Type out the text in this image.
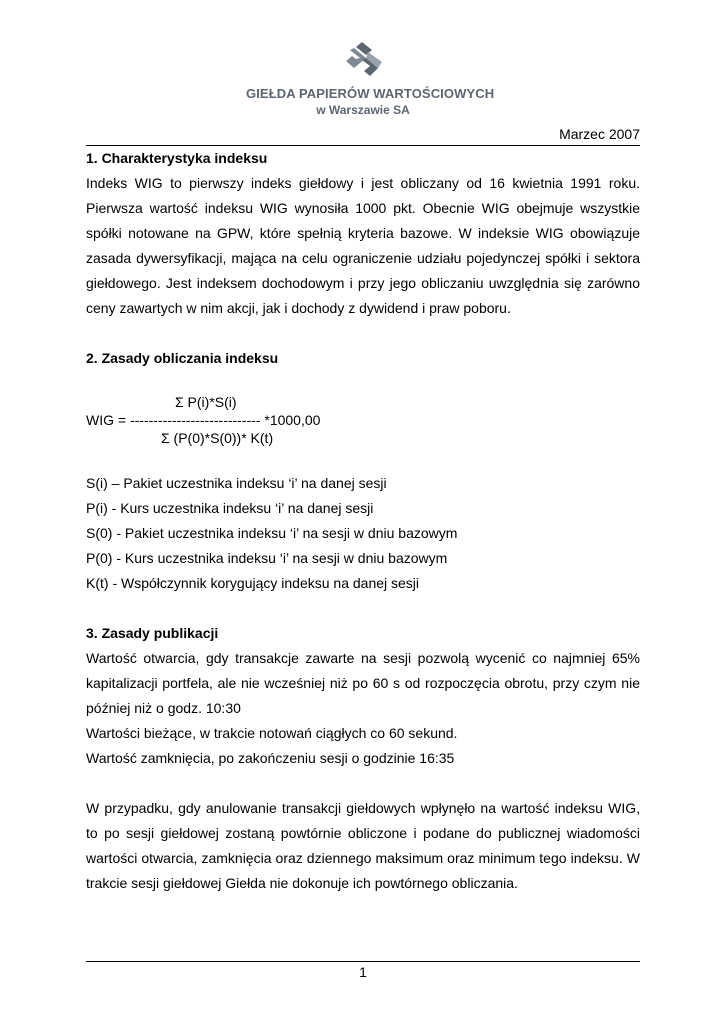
GIEŁDA PAPIERÓW WARTOŚCIOWYCH
w Warszawie SA
Marzec 2007

1. Charakterystyka indeksu

Indeks WIG to pierwszy indeks giełdowy i jest obliczany od 16 kwietnia 1991 roku. Pierwsza wartość indeksu WIG wynosiła 1000 pkt. Obecnie WIG obejmuje wszystkie spółki notowane na GPW, które spełnią kryteria bazowe. W indeksie WIG obowiązuje zasada dywersyfikacji, mająca na celu ograniczenie udziału pojedynczej spółki i sektora giełdowego. Jest indeksem dochodowym i przy jego obliczaniu uwzględnia się zarówno ceny zawartych w nim akcji, jak i dochody z dywidend i praw poboru.

2. Zasady obliczania indeksu

Σ P(i)*S(i)
WIG = ---------------------------- *1000,00
Σ (P(0)*S(0))* K(t)

S(i) – Pakiet uczestnika indeksu ‘i’ na danej sesji

P(i) - Kurs uczestnika indeksu ‘i’ na danej sesji

S(0) - Pakiet uczestnika indeksu ‘i’ na sesji w dniu bazowym

P(0) - Kurs uczestnika indeksu ‘i’ na sesji w dniu bazowym

K(t) - Współczynnik korygujący indeksu na danej sesji

3. Zasady publikacji

Wartość otwarcia, gdy transakcje zawarte na sesji pozwolą wycenić co najmniej 65% kapitalizacji portfela, ale nie wcześniej niż po 60 s od rozpoczęcia obrotu, przy czym nie później niż o godz. 10:30

Wartości bieżące, w trakcie notowań ciągłych co 60 sekund.

Wartość zamknięcia, po zakończeniu sesji o godzinie 16:35

W przypadku, gdy anulowanie transakcji giełdowych wpłynęło na wartość indeksu WIG, to po sesji giełdowej zostaną powtórnie obliczone i podane do publicznej wiadomości wartości otwarcia, zamknięcia oraz dziennego maksimum oraz minimum tego indeksu. W trakcie sesji giełdowej Giełda nie dokonuje ich powtórnego obliczania.

1
